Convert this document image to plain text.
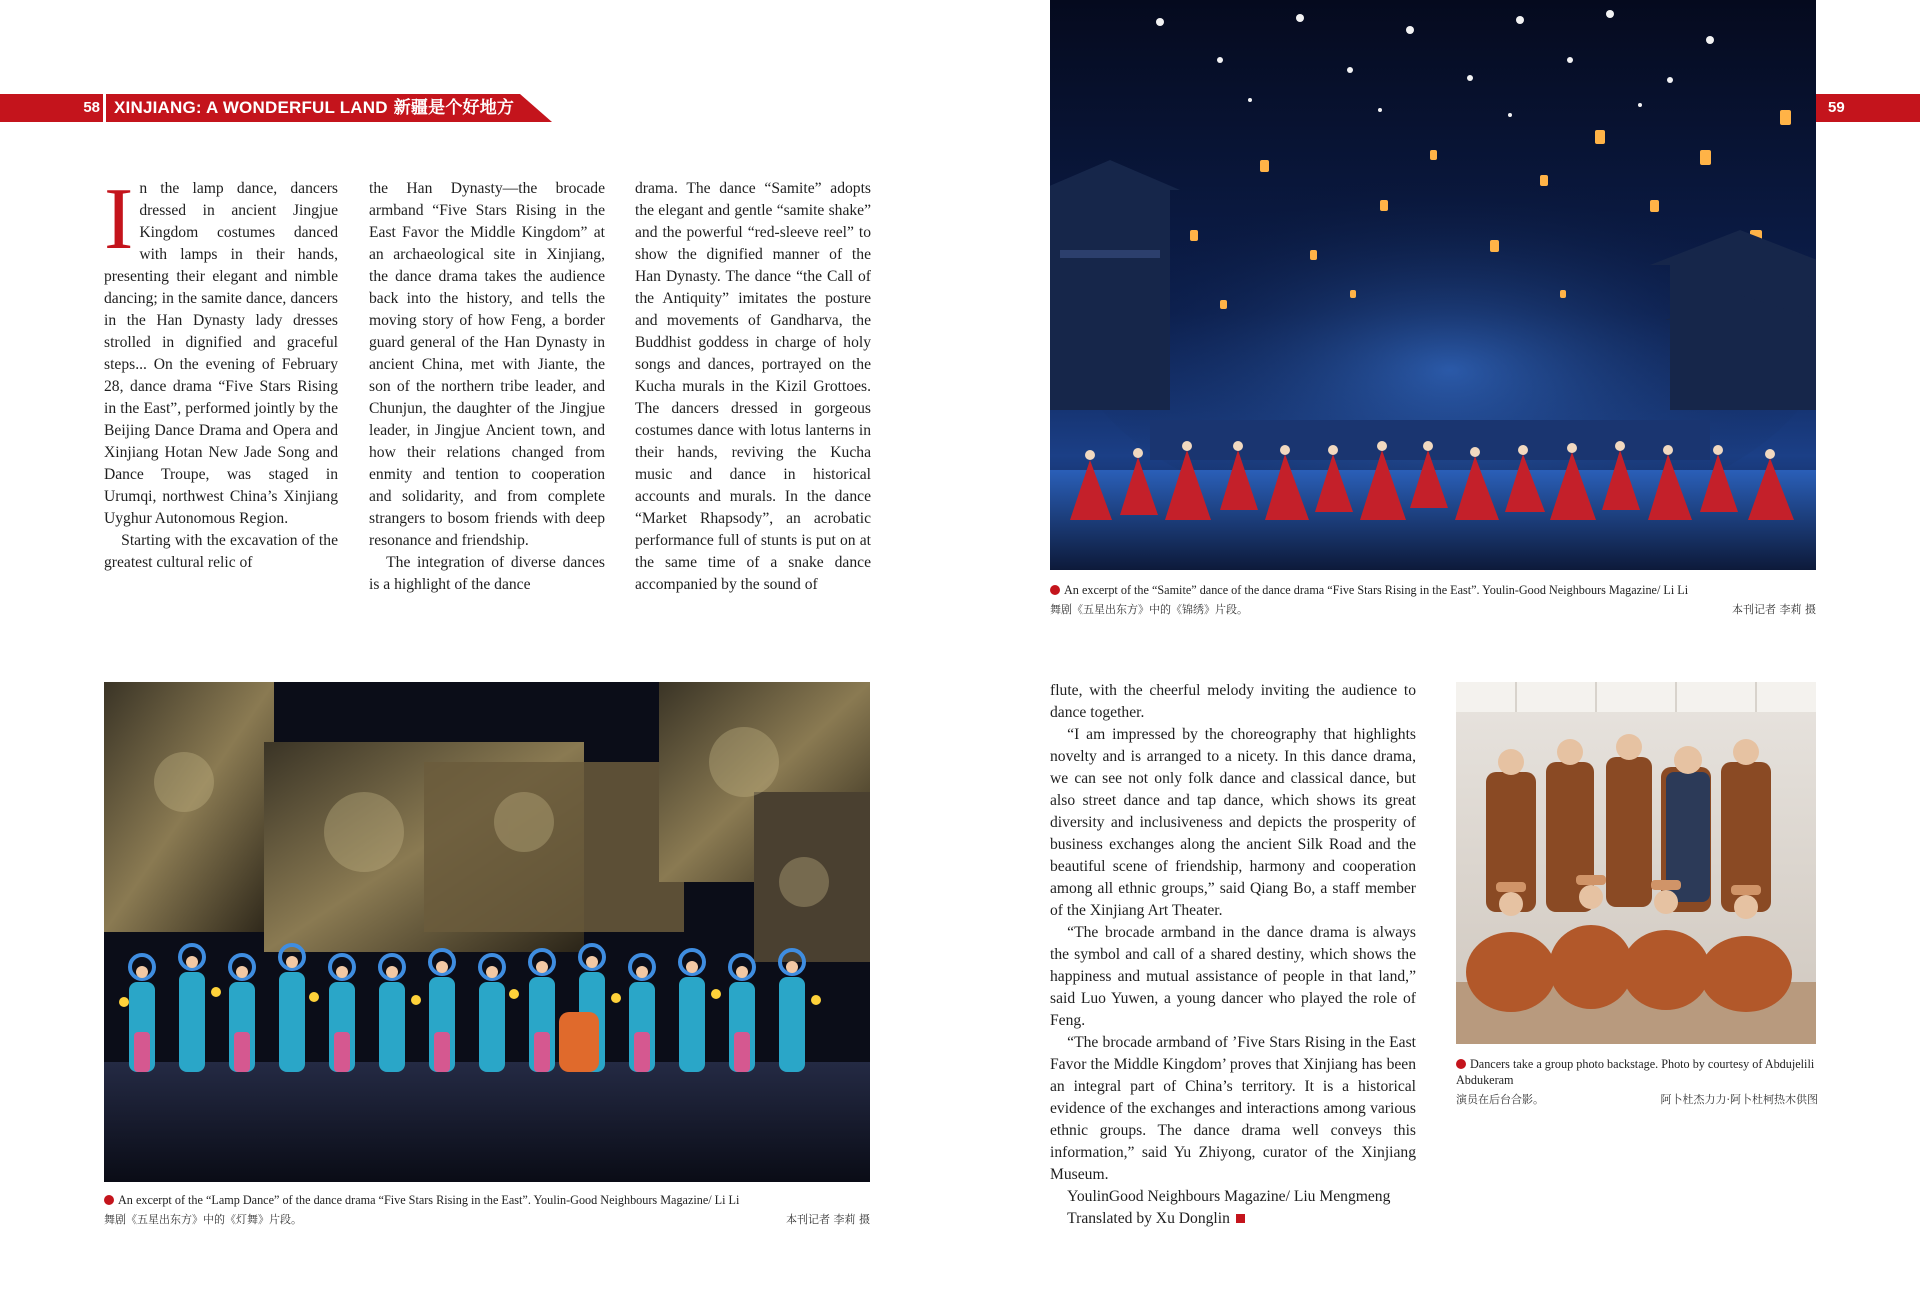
58 XINJIANG: A WONDERFUL LAND 新疆是个好地方	59
I n the lamp dance, dancers dressed in ancient Jingjue Kingdom costumes danced with lamps in their hands, presenting their elegant and nimble dancing; in the samite dance, dancers in the Han Dynasty lady dresses strolled in dignified and graceful steps... On the evening of February 28, dance drama “Five Stars Rising in the East”, performed jointly by the Beijing Dance Drama and Opera and Xinjiang Hotan New Jade Song and Dance Troupe, was staged in Urumqi, northwest China’s Xinjiang Uyghur Autonomous Region.

Starting with the excavation of the greatest cultural relic of

the Han Dynasty—the brocade armband “Five Stars Rising in the East Favor the Middle Kingdom” at an archaeological site in Xinjiang, the dance drama takes the audience back into the history, and tells the moving story of how Feng, a border guard general of the Han Dynasty in ancient China, met with Jiante, the son of the northern tribe leader, and Chunjun, the daughter of the Jingjue leader, in Jingjue Ancient town, and how their relations changed from enmity and tention to cooperation and solidarity, and from complete strangers to bosom friends with deep resonance and friendship.

The integration of diverse dances is a highlight of the dance

drama. The dance “Samite” adopts the elegant and gentle “samite shake” and the powerful “red-sleeve reel” to show the dignified manner of the Han Dynasty. The dance “the Call of the Antiquity” imitates the posture and movements of Gandharva, the Buddhist goddess in charge of holy songs and dances, portrayed on the Kucha murals in the Kizil Grottoes. The dancers dressed in gorgeous costumes dance with lotus lanterns in their hands, reviving the Kucha music and dance in historical accounts and murals. In the dance “Market Rhapsody”, an acrobatic performance full of stunts is put on at the same time of a snake dance accompanied by the sound of

flute, with the cheerful melody inviting the audience to dance together.

“I am impressed by the choreography that highlights novelty and is arranged to a nicety. In this dance drama, we can see not only folk dance and classical dance, but also street dance and tap dance, which shows its great diversity and inclusiveness and depicts the prosperity of business exchanges along the ancient Silk Road and the beautiful scene of friendship, harmony and cooperation among all ethnic groups,” said Qiang Bo, a staff member of the Xinjiang Art Theater.

“The brocade armband in the dance drama is always the symbol and call of a shared destiny, which shows the happiness and mutual assistance of people in that land,” said Luo Yuwen, a young dancer who played the role of Feng.

“The brocade armband of ’Five Stars Rising in the East Favor the Middle Kingdom’ proves that Xinjiang has been an integral part of China’s territory. It is a historical evidence of the exchanges and interactions among various ethnic groups. The dance drama well conveys this information,” said Yu Zhiyong, curator of the Xinjiang Museum.

YoulinGood Neighbours Magazine/ Liu Mengmeng

Translated by Xu Donglin

An excerpt of the “Samite” dance of the dance drama “Five Stars Rising in the East”. Youlin-Good Neighbours Magazine/ Li Li
舞剧《五星出东方》中的《锦绣》片段。	本刊记者 李莉 摄
An excerpt of the “Lamp Dance” of the dance drama “Five Stars Rising in the East”. Youlin-Good Neighbours Magazine/ Li Li
舞剧《五星出东方》中的《灯舞》片段。	本刊记者 李莉 摄
Dancers take a group photo backstage. Photo by courtesy of Abdujelili Abdukeram
演员在后台合影。	阿卜杜杰力力·阿卜杜柯热木供图
